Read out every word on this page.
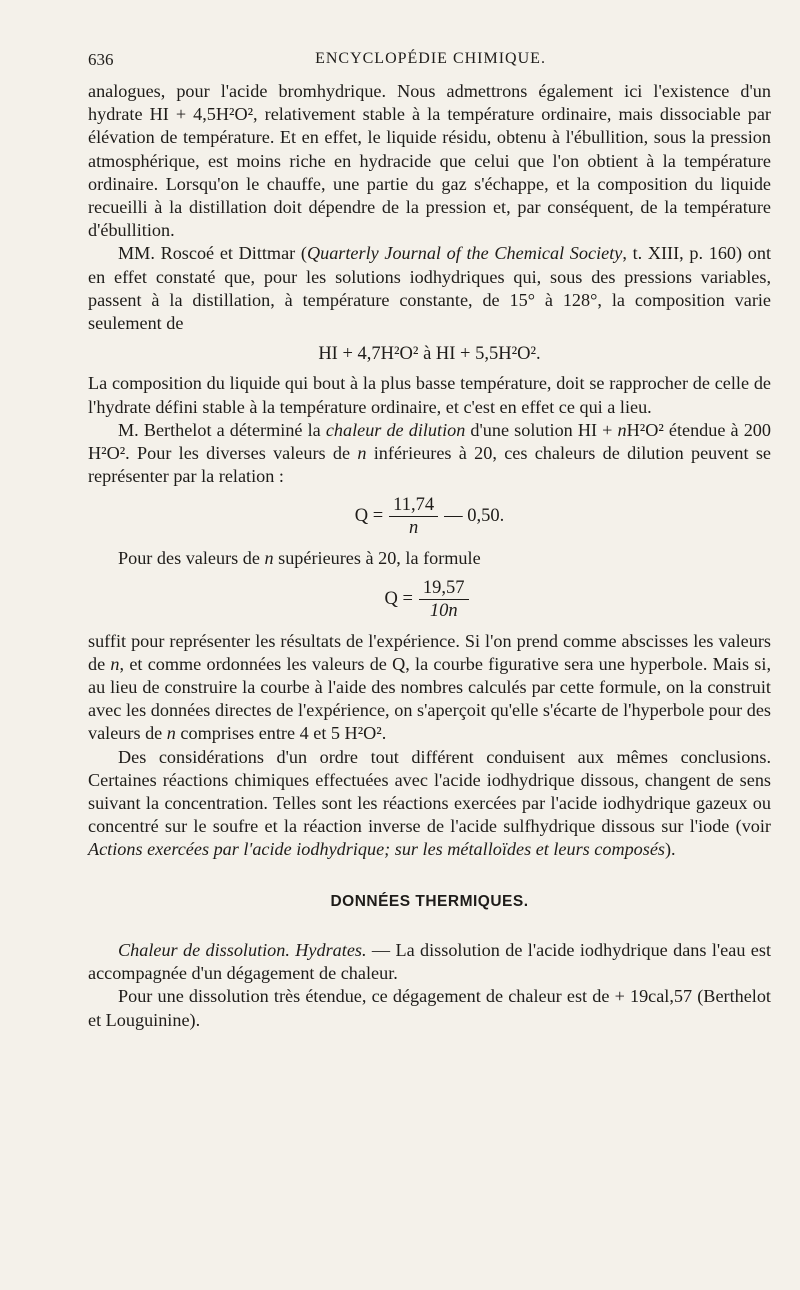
636	ENCYCLOPÉDIE CHIMIQUE.

analogues, pour l'acide bromhydrique. Nous admettrons également ici l'existence d'un hydrate HI + 4,5H²O², relativement stable à la température ordinaire, mais dissociable par élévation de température. Et en effet, le liquide résidu, obtenu à l'ébullition, sous la pression atmosphérique, est moins riche en hydracide que celui que l'on obtient à la température ordinaire. Lorsqu'on le chauffe, une partie du gaz s'échappe, et la composition du liquide recueilli à la distillation doit dépendre de la pression et, par conséquent, de la température d'ébullition.

MM. Roscoé et Dittmar (Quarterly Journal of the Chemical Society, t. XIII, p. 160) ont en effet constaté que, pour les solutions iodhydriques qui, sous des pressions variables, passent à la distillation, à température constante, de 15° à 128°, la composition varie seulement de

HI + 4,7H²O² à HI + 5,5H²O².

La composition du liquide qui bout à la plus basse température, doit se rapprocher de celle de l'hydrate défini stable à la température ordinaire, et c'est en effet ce qui a lieu.

M. Berthelot a déterminé la chaleur de dilution d'une solution HI + nH²O² étendue à 200 H²O². Pour les diverses valeurs de n inférieures à 20, ces chaleurs de dilution peuvent se représenter par la relation :

$Q = \frac{11,74}{n}$ — 0,50.

Pour des valeurs de n supérieures à 20, la formule

$Q = \frac{19,57}{10n}$

suffit pour représenter les résultats de l'expérience. Si l'on prend comme abscisses les valeurs de n, et comme ordonnées les valeurs de Q, la courbe figurative sera une hyperbole. Mais si, au lieu de construire la courbe à l'aide des nombres calculés par cette formule, on la construit avec les données directes de l'expérience, on s'aperçoit qu'elle s'écarte de l'hyperbole pour des valeurs de n comprises entre 4 et 5 H²O².

Des considérations d'un ordre tout différent conduisent aux mêmes conclusions. Certaines réactions chimiques effectuées avec l'acide iodhydrique dissous, changent de sens suivant la concentration. Telles sont les réactions exercées par l'acide iodhydrique gazeux ou concentré sur le soufre et la réaction inverse de l'acide sulfhydrique dissous sur l'iode (voir Actions exercées par l'acide iodhydrique; sur les métalloïdes et leurs composés).

DONNÉES THERMIQUES.

Chaleur de dissolution. Hydrates. — La dissolution de l'acide iodhydrique dans l'eau est accompagnée d'un dégagement de chaleur.

Pour une dissolution très étendue, ce dégagement de chaleur est de + 19cal,57 (Berthelot et Louguinine).
